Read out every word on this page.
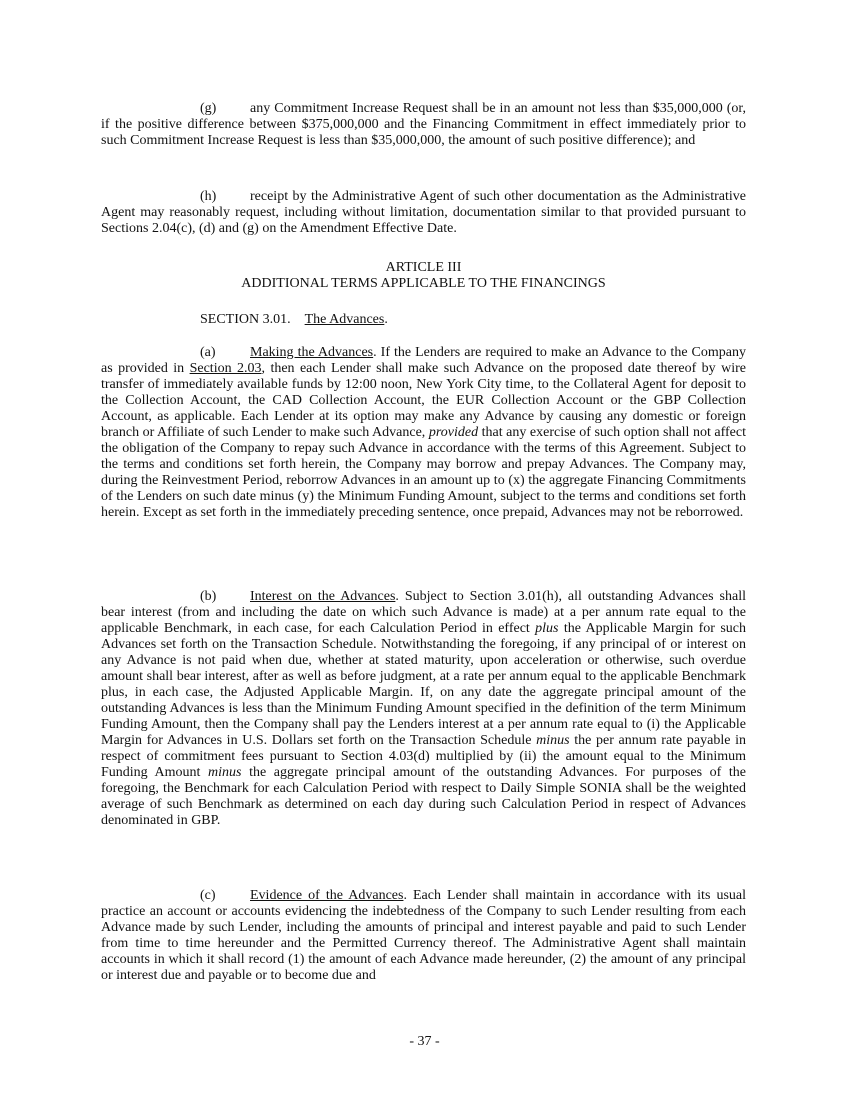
(g) any Commitment Increase Request shall be in an amount not less than $35,000,000 (or, if the positive difference between $375,000,000 and the Financing Commitment in effect immediately prior to such Commitment Increase Request is less than $35,000,000, the amount of such positive difference); and

(h) receipt by the Administrative Agent of such other documentation as the Administrative Agent may reasonably request, including without limitation, documentation similar to that provided pursuant to Sections 2.04(c), (d) and (g) on the Amendment Effective Date.

ARTICLE III
ADDITIONAL TERMS APPLICABLE TO THE FINANCINGS

SECTION 3.01. The Advances.

(a) Making the Advances. If the Lenders are required to make an Advance to the Company as provided in Section 2.03, then each Lender shall make such Advance on the proposed date thereof by wire transfer of immediately available funds by 12:00 noon, New York City time, to the Collateral Agent for deposit to the Collection Account, the CAD Collection Account, the EUR Collection Account or the GBP Collection Account, as applicable. Each Lender at its option may make any Advance by causing any domestic or foreign branch or Affiliate of such Lender to make such Advance, provided that any exercise of such option shall not affect the obligation of the Company to repay such Advance in accordance with the terms of this Agreement. Subject to the terms and conditions set forth herein, the Company may borrow and prepay Advances. The Company may, during the Reinvestment Period, reborrow Advances in an amount up to (x) the aggregate Financing Commitments of the Lenders on such date minus (y) the Minimum Funding Amount, subject to the terms and conditions set forth herein. Except as set forth in the immediately preceding sentence, once prepaid, Advances may not be reborrowed.

(b) Interest on the Advances. Subject to Section 3.01(h), all outstanding Advances shall bear interest (from and including the date on which such Advance is made) at a per annum rate equal to the applicable Benchmark, in each case, for each Calculation Period in effect plus the Applicable Margin for such Advances set forth on the Transaction Schedule. Notwithstanding the foregoing, if any principal of or interest on any Advance is not paid when due, whether at stated maturity, upon acceleration or otherwise, such overdue amount shall bear interest, after as well as before judgment, at a rate per annum equal to the applicable Benchmark plus, in each case, the Adjusted Applicable Margin. If, on any date the aggregate principal amount of the outstanding Advances is less than the Minimum Funding Amount specified in the definition of the term Minimum Funding Amount, then the Company shall pay the Lenders interest at a per annum rate equal to (i) the Applicable Margin for Advances in U.S. Dollars set forth on the Transaction Schedule minus the per annum rate payable in respect of commitment fees pursuant to Section 4.03(d) multiplied by (ii) the amount equal to the Minimum Funding Amount minus the aggregate principal amount of the outstanding Advances. For purposes of the foregoing, the Benchmark for each Calculation Period with respect to Daily Simple SONIA shall be the weighted average of such Benchmark as determined on each day during such Calculation Period in respect of Advances denominated in GBP.

(c) Evidence of the Advances. Each Lender shall maintain in accordance with its usual practice an account or accounts evidencing the indebtedness of the Company to such Lender resulting from each Advance made by such Lender, including the amounts of principal and interest payable and paid to such Lender from time to time hereunder and the Permitted Currency thereof. The Administrative Agent shall maintain accounts in which it shall record (1) the amount of each Advance made hereunder, (2) the amount of any principal or interest due and payable or to become due and

- 37 -
